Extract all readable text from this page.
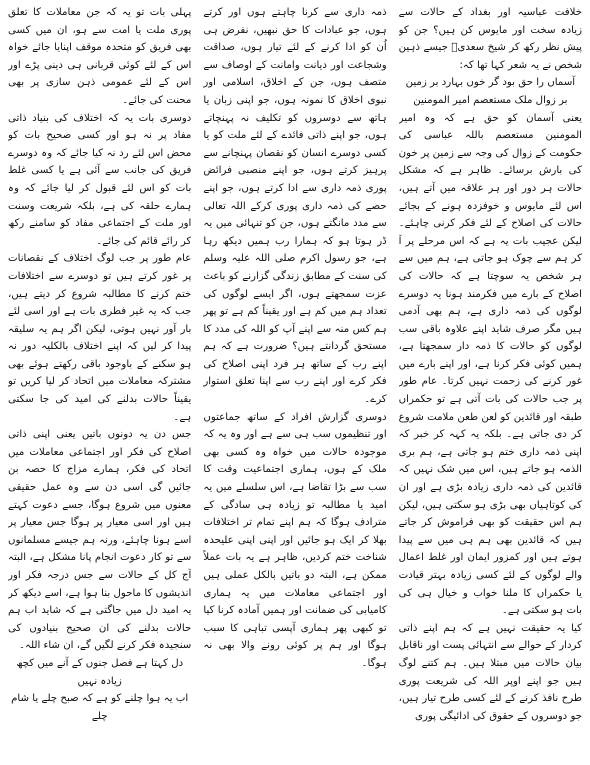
خلافت عباسیہ اور بغداد کے حالات سے زیادہ سخت اور مایوس کن ہیں؟ جن کو پیش نظر رکھ کر شیخ سعدیؒ جیسے ذہین شخص نے یہ شعر کہا تھا کہ:

آسماں را حق بود گر خوں بہارد بر زمین

بر زوال ملک مستعصم امیر المومنین

یعنی آسمان کو حق ہے کہ وہ امیر المومنین مستعصم باللہ عباسی کی حکومت کے زوال کی وجہ سے زمین پر خون کی بارش برسائے۔ ظاہر ہے کہ مشکل حالات ہر دور اور ہر علاقہ میں آتے ہیں، اس لئے مایوس و خوفزدہ ہونے کے بجائے حالات کی اصلاح کے لئے فکر کرنی چاہئے۔ لیکن عجیب بات یہ ہے کہ اس مرحلے پر آ کر ہم سے چوک ہو جاتی ہے، ہم میں سے ہر شخص یہ سوچتا ہے کہ حالات کی اصلاح کے بارے میں فکرمند ہونا یہ دوسرے لوگوں کی ذمہ داری ہے، ہم بھی آدمی ہیں مگر صرف شاید اپنے علاوہ باقی سب لوگوں کو حالات کا ذمہ دار سمجھتا ہے، ہمیں کوئی فکر کرنا ہے، اور اپنے بارے میں غور کرنے کی زحمت نہیں کرتا۔ عام طور پر جب حالات کی بات آتی ہے تو حکمراں طبقہ اور قائدین کو لعن طعن ملامت شروع کر دی جاتی ہے۔ بلکہ یہ کہہ کر خبر کہ اپنی ذمہ داری ختم ہو جاتی ہے، ہم بری الذمہ ہو جاتے ہیں، اس میں شک نہیں کہ قائدین کی ذمہ داری زیادہ بڑی ہے اور ان کی کوتاہیاں بھی بڑی ہو سکتی ہیں، لیکن ہم اس حقیقت کو بھی فراموش کر جاتے ہیں کہ قائدین بھی ہم ہی میں سے پیدا ہوتے ہیں اور کمزور ایمان اور غلط اعمال والے لوگوں کے لئے کسی زیادہ بہتر قیادت یا حکمراں کا ملنا خواب و خیال ہی کی بات ہو سکتی ہے۔

کیا یہ حقیقت نہیں ہے کہ ہم اپنے ذاتی کردار کے حوالے سے انتہائی پست اور ناقابل بیان حالات میں مبتلا ہیں۔ ہم کتنے لوگ ہیں جو اپنے اوپر اللہ کی شریعت پوری طرح نافذ کرنے کے لئے کسی طرح تیار ہیں، جو دوسروں کے حقوق کی ادائیگی پوری

ذمہ داری سے کرنا چاہتے ہوں اور کرتے ہوں، جو عبادات کا حق نبھیں، نفرض ہی اُن کو ادا کرنے کے لئے تیار ہوں، صداقت وشجاعت اور دیانت وامانت کے اوصاف سے متصف ہوں، جن کے اخلاق، اسلامی اور نبوی اخلاق کا نمونہ ہوں، جو اپنی زبان یا ہاتھ سے دوسروں کو تکلیف نہ پہنچاتے ہوں، جو اپنے ذاتی فائدے کے لئے ملت کو یا کسی دوسرے انسان کو نقصان پہنچانے سے پرہیز کرتے ہوں، جو اپنے منصبی فرائض پوری ذمہ داری سے ادا کرتے ہوں، جو اپنے حصے کی ذمہ داری پوری کرکے اللہ تعالی سے مدد مانگتے ہوں، جن کو تنہائی میں یہ ڈر ہوتا ہو کہ ہمارا رب ہمیں دیکھ رہا ہے، جو رسول اکرم صلی اللہ علیہ وسلم کی سنت کے مطابق زندگی گزارنے کو باعث عزت سمجھتے ہوں، اگر ایسے لوگوں کی تعداد ہم میں کم ہے اور یقیناً کم ہے تو پھر ہم کس منہ سے اپنے آپ کو اللہ کی مدد کا مستحق گردانتے ہیں؟ ضرورت ہے کہ ہم اپنے رب کے ساتھ ہر فرد اپنی اصلاح کی فکر کرے اور اپنے رب سے اپنا تعلق استوار کرے۔

دوسری گزارش افراد کے ساتھ جماعتوں اور تنظیموں سب ہی سے ہے اور وہ یہ کہ موجودہ حالات میں خواہ وہ کسی بھی ملک کے ہوں، ہماری اجتماعیت وقت کا سب سے بڑا تقاضا ہے، اس سلسلے میں یہ امید یا مطالبہ تو زیادہ ہی سادگی کے مترادف ہوگا کہ ہم اپنے تمام تر اختلافات بھلا کر ایک ہو جائیں اور اپنی اپنی علیحدہ شناخت ختم کردیں، ظاہر ہے یہ بات عملاً ممکن ہے، البتہ دو باتیں بالکل عملی ہیں اور اجتماعی معاملات میں یہ ہماری کامیابی کی ضمانت اور ہمیں آمادہ کرنا کیا تو کبھی پھر ہماری آپسی تباہی کا سبب ہوگا اور ہم پر کوئی رونے والا بھی نہ ہوگا۔

پہلی بات تو یہ کہ جن معاملات کا تعلق پوری ملت یا امت سے ہو، ان میں کسی بھی فریق کو متحدہ موقف اپنایا جائے خواہ اس کے لئے کوئی قربانی ہی دینی پڑے اور اس کے لئے عمومی ذہن سازی پر بھی محنت کی جائے۔

دوسری بات یہ کہ اختلاف کی بنیاد ذاتی مفاد پر نہ ہو اور کسی صحیح بات کو محض اس لئے رد نہ کیا جائے کہ وہ دوسرے فریق کی جانب سے آئی ہے یا کسی غلط بات کو اس لئے قبول کر لیا جائے کہ وہ ہمارے حلقہ کی ہے، بلکہ شریعت وسنت اور ملت کے اجتماعی مفاد کو سامنے رکھ کر رائے قائم کی جائے۔

عام طور پر جب لوگ اختلاف کے نقصانات پر غور کرتے ہیں تو دوسرے سے اختلافات ختم کرنے کا مطالبہ شروع کر دیتے ہیں، جب کہ یہ غیر فطری بات ہے اور اسی لئے بار آور نہیں ہوتی، لیکن اگر ہم یہ سلیقہ پیدا کر لیں کہ اپنے اختلاف بالکلیہ دور نہ ہو سکنے کے باوجود باقی رکھتے ہوئے بھی مشترکہ معاملات میں اتحاد کر لیا کریں تو یقیناً حالات بدلنے کی امید کی جا سکتی ہے۔

جس دن یہ دونوں باتیں یعنی اپنی ذاتی اصلاح کی فکر اور اجتماعی معاملات میں اتحاد کی فکر، ہمارے مزاج کا حصہ بن جائیں گی اسی دن سے وہ عمل حقیقی معنوں میں شروع ہوگا، جسے دعوت کہتے ہیں اور اسی معیار پر ہوگا جس معیار پر اسے ہونا چاہئے، ورنہ ہم جیسے مسلمانوں سے تو کار دعوت انجام پانا مشکل ہے، البتہ آج کل کے حالات سے جس درجہ فکر اور اندیشوں کا ماحول بنا ہوا ہے، اسے دیکھ کر یہ امید دل میں جاگتی ہے کہ شاید اب ہم حالات بدلنے کی ان صحیح بنیادوں کی سنجیدہ فکر کرنے لگیں گے، ان شاء اللہ۔

دل کہتا ہے فصل جنوں کے آنے میں کچھ زیادہ نہیں

اب یہ ہوا چلنے کو ہے کہ صبح چلے یا شام چلے
